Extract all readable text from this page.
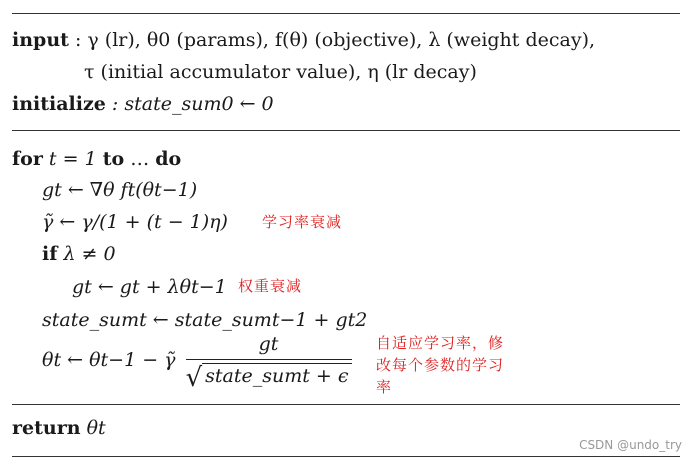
input : γ (lr), θ0 (params), f(θ) (objective), λ (weight decay),
τ (initial accumulator value), η (lr decay)
initialize : state_sum0 ← 0
for t = 1 to … do
gt ← ∇θ ft(θt−1)
γ̃ ← γ/(1 + (t − 1)η) 学习率衰减
if λ ≠ 0
gt ← gt + λθt−1 权重衰减
state_sumt ← state_sumt−1 + gt2
θt ← θt−1 − γ̃ $\frac{gt}{\text{√ state\_sumt + ϵ}}$ 自适应学习率，修
改每个参数的学习
率
return θt
CSDN @undo_try
